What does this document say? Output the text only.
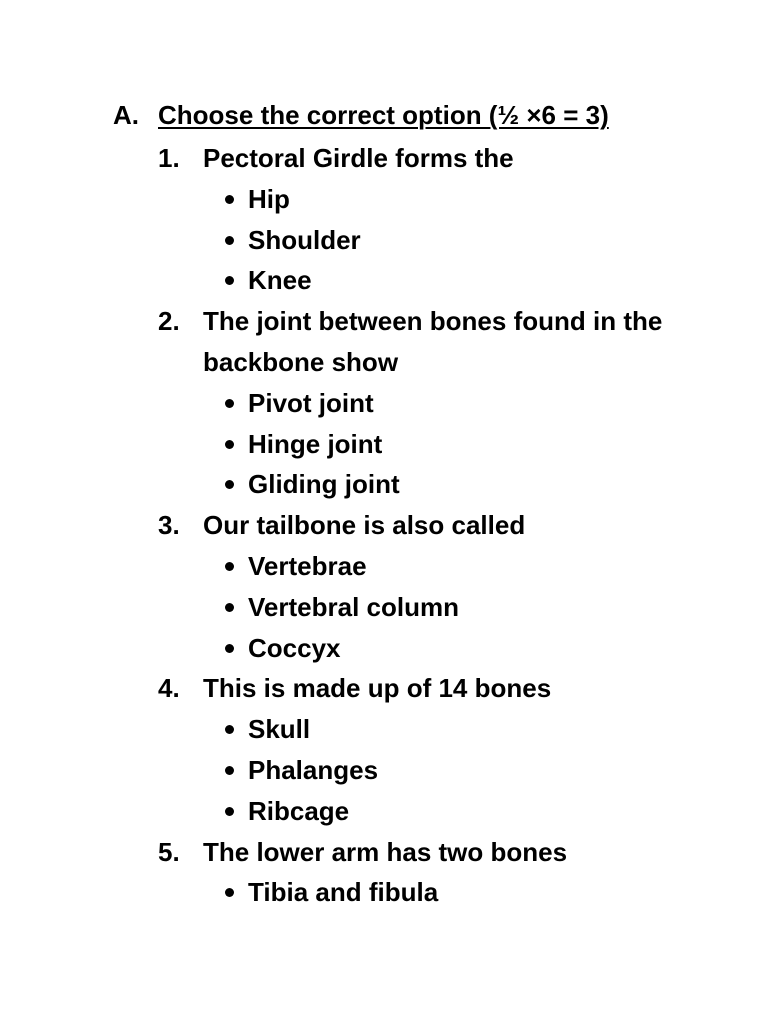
A. Choose the correct option (½ ×6 = 3)
1. Pectoral Girdle forms the
Hip
Shoulder
Knee
2. The joint between bones found in the backbone show
Pivot joint
Hinge joint
Gliding joint
3. Our tailbone is also called
Vertebrae
Vertebral column
Coccyx
4. This is made up of 14 bones
Skull
Phalanges
Ribcage
5. The lower arm has two bones
Tibia and fibula
